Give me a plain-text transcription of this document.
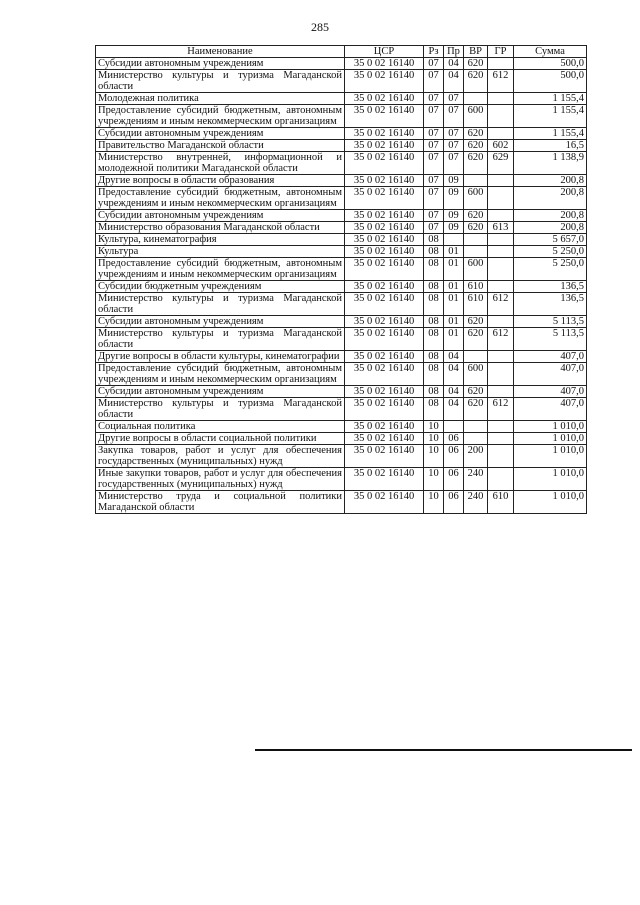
285
Наименование	ЦСР	Рз	Пр	ВР	ГР	Сумма
Субсидии автономным учреждениям	35 0 02 16140	07	04	620		500,0
Министерство культуры и туризма Магаданской области	35 0 02 16140	07	04	620	612	500,0
Молодежная политика	35 0 02 16140	07	07			1 155,4
Предоставление субсидий бюджетным, автономным учреждениям и иным некоммерческим организациям	35 0 02 16140	07	07	600		1 155,4
Субсидии автономным учреждениям	35 0 02 16140	07	07	620		1 155,4
Правительство Магаданской области	35 0 02 16140	07	07	620	602	16,5
Министерство внутренней, информационной и молодежной политики Магаданской области	35 0 02 16140	07	07	620	629	1 138,9
Другие вопросы в области образования	35 0 02 16140	07	09			200,8
Предоставление субсидий бюджетным, автономным учреждениям и иным некоммерческим организациям	35 0 02 16140	07	09	600		200,8
Субсидии автономным учреждениям	35 0 02 16140	07	09	620		200,8
Министерство образования Магаданской области	35 0 02 16140	07	09	620	613	200,8
Культура, кинематография	35 0 02 16140	08				5 657,0
Культура	35 0 02 16140	08	01			5 250,0
Предоставление субсидий бюджетным, автономным учреждениям и иным некоммерческим организациям	35 0 02 16140	08	01	600		5 250,0
Субсидии бюджетным учреждениям	35 0 02 16140	08	01	610		136,5
Министерство культуры и туризма Магаданской области	35 0 02 16140	08	01	610	612	136,5
Субсидии автономным учреждениям	35 0 02 16140	08	01	620		5 113,5
Министерство культуры и туризма Магаданской области	35 0 02 16140	08	01	620	612	5 113,5
Другие вопросы в области культуры, кинематографии	35 0 02 16140	08	04			407,0
Предоставление субсидий бюджетным, автономным учреждениям и иным некоммерческим организациям	35 0 02 16140	08	04	600		407,0
Субсидии автономным учреждениям	35 0 02 16140	08	04	620		407,0
Министерство культуры и туризма Магаданской области	35 0 02 16140	08	04	620	612	407,0
Социальная политика	35 0 02 16140	10				1 010,0
Другие вопросы в области социальной политики	35 0 02 16140	10	06			1 010,0
Закупка товаров, работ и услуг для обеспечения государственных (муниципальных) нужд	35 0 02 16140	10	06	200		1 010,0
Иные закупки товаров, работ и услуг для обеспечения государственных (муниципальных) нужд	35 0 02 16140	10	06	240		1 010,0
Министерство труда и социальной политики Магаданской области	35 0 02 16140	10	06	240	610	1 010,0
